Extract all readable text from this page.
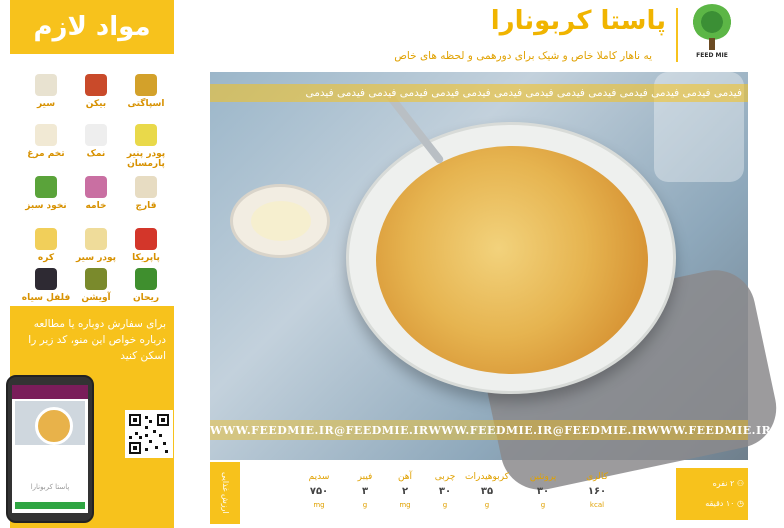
مواد لازم
اسپاگتی
بیکن
سیر
پودر پنیر پارمسان
نمک
تخم مرغ
قارچ
خامه
نخود سبز
پاپریکا
پودر سیر
کره
ریحان
آویشن
فلفل سیاه
برای سفارش دوباره یا مطالعه درباره خواص این منو، کد زیر را اسکن کنید
پاستا کربونارا
FEED MIE
پاستا کربونارا
یه ناهار کاملا خاص و شیک برای دورهمی و لحظه های خاص
فیدمی فیدمی فیدمی فیدمی فیدمی فیدمی فیدمی فیدمی فیدمی فیدمی فیدمی فیدمی فیدمی فیدمی
WWW.FEEDMIE.IR @FEEDMIE.IR WWW.FEEDMIE.IR @FEEDMIE.IR WWW.FEEDMIE.IR
ارزش غذایی	کالری
۱۶۰
kcal
پروتئین
۳۰
g
کربوهیدرات
۳۵
g
چربی
۳۰
g
آهن
۲
mg
فیبر
۳
g
سدیم
۷۵۰
mg
⚇ ۲ نفره
◷ ۱۰ دقیقه
